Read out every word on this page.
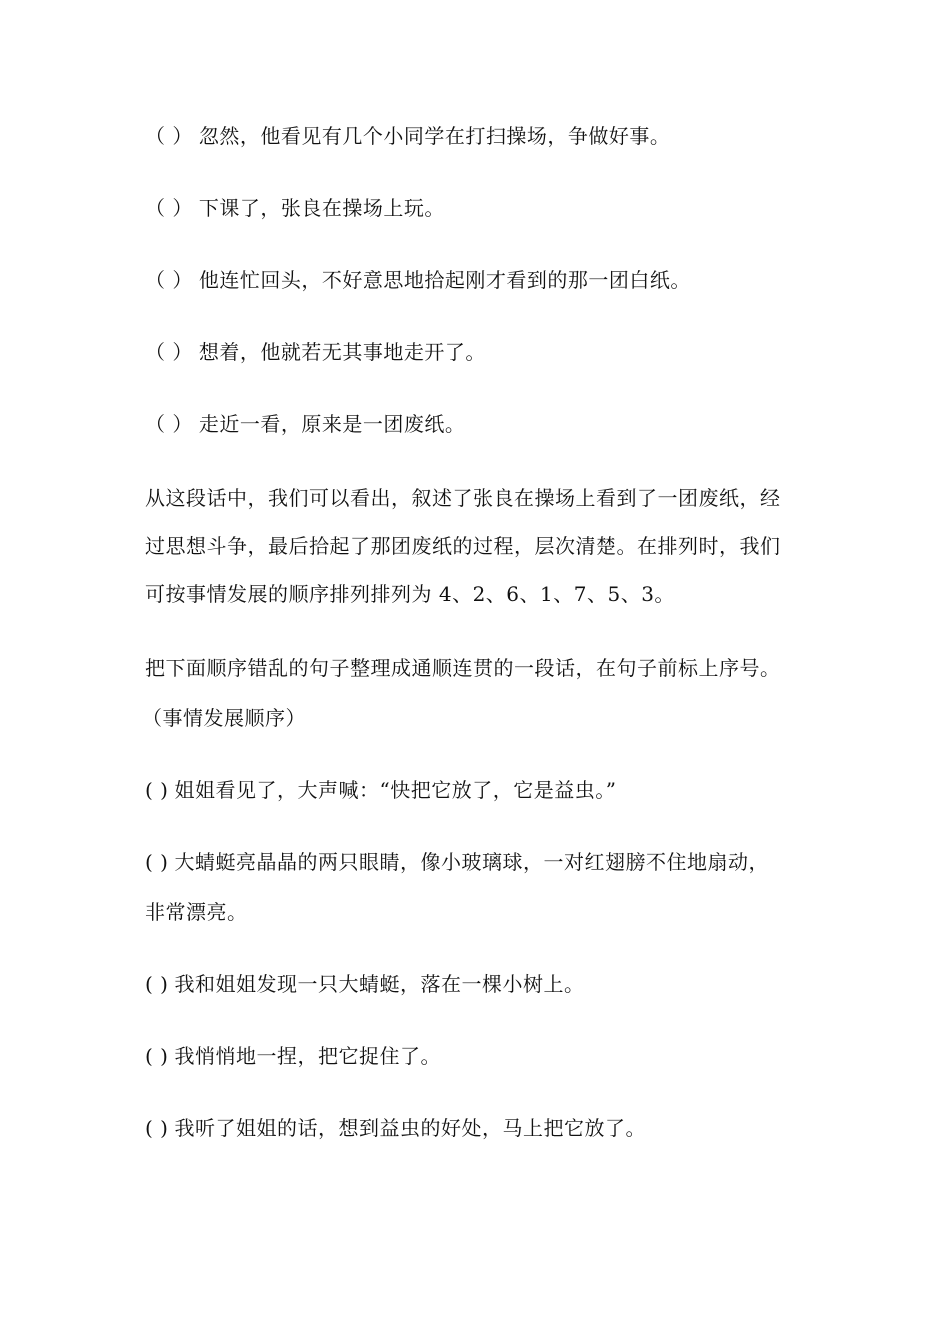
（ ） 忽然，他看见有几个小同学在打扫操场，争做好事。
（ ） 下课了，张良在操场上玩。
（ ） 他连忙回头，不好意思地拾起刚才看到的那一团白纸。
（ ） 想着，他就若无其事地走开了。
（ ） 走近一看，原来是一团废纸。
从这段话中，我们可以看出，叙述了张良在操场上看到了一团废纸，经
过思想斗争，最后拾起了那团废纸的过程，层次清楚。在排列时，我们
可按事情发展的顺序排列排列为 4、2、6、1、7、5、3。
把下面顺序错乱的句子整理成通顺连贯的一段话，在句子前标上序号。
（事情发展顺序）
( ) 姐姐看见了，大声喊：“快把它放了，它是益虫。”
( ) 大蜻蜓亮晶晶的两只眼睛，像小玻璃球，一对红翅膀不住地扇动，
非常漂亮。
( ) 我和姐姐发现一只大蜻蜓，落在一棵小树上。
( ) 我悄悄地一捏，把它捉住了。
( ) 我听了姐姐的话，想到益虫的好处，马上把它放了。
